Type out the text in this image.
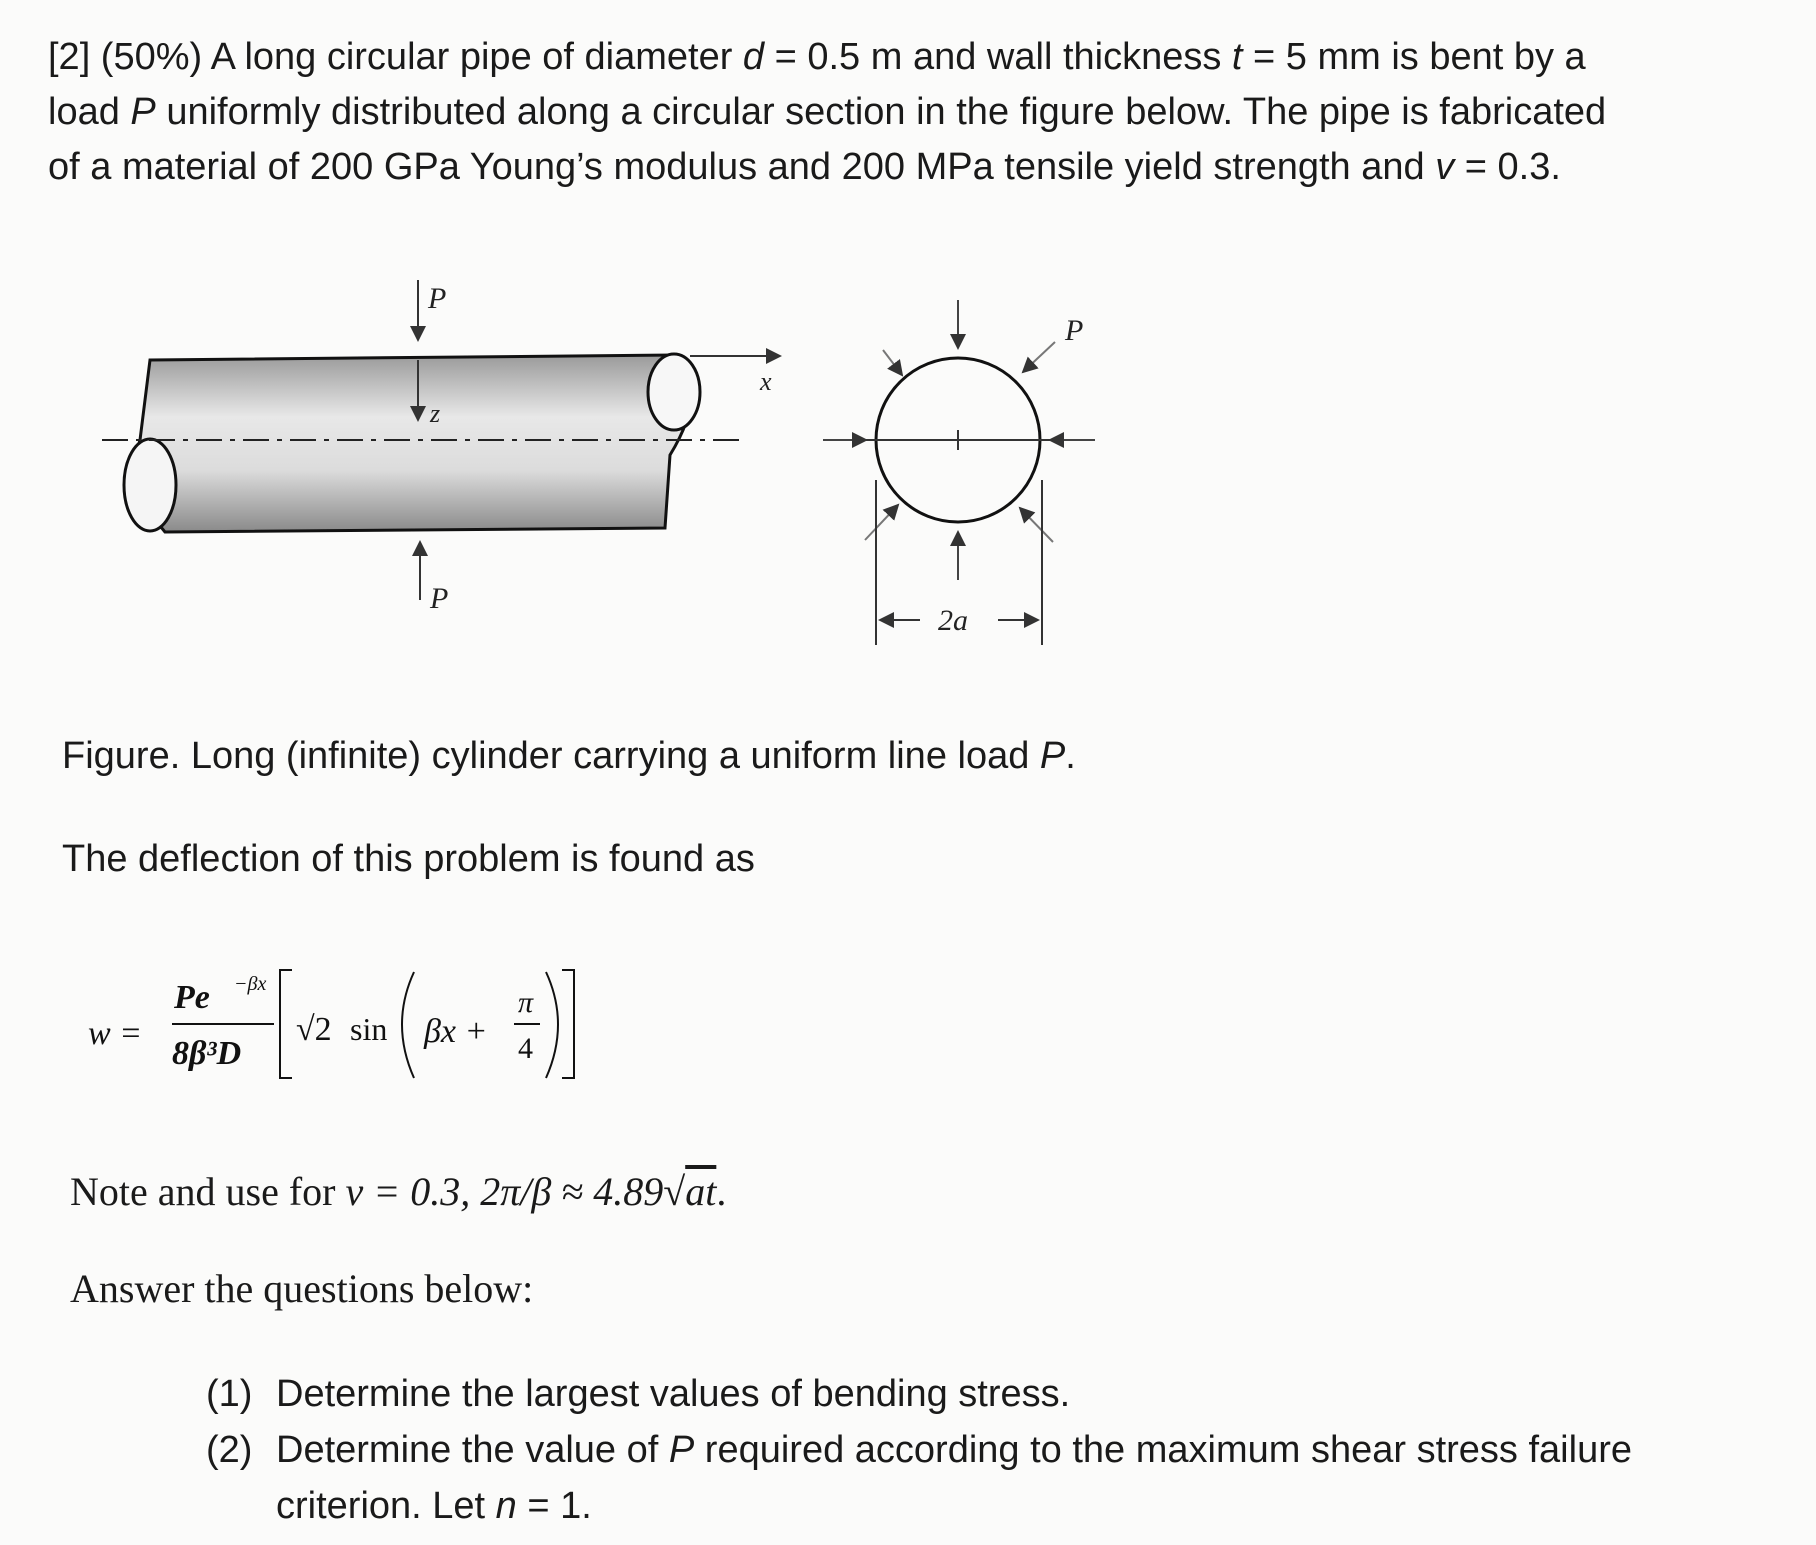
[2] (50%) A long circular pipe of diameter d = 0.5 m and wall thickness t = 5 mm is bent by a
load P uniformly distributed along a circular section in the figure below. The pipe is fabricated
of a material of 200 GPa Young’s modulus and 200 MPa tensile yield strength and v = 0.3.
P
z
P
x
P
2a
Figure. Long (infinite) cylinder carrying a uniform line load P.
The deflection of this problem is found as
w =
Pe −βx
8β³D
√2 sin βx +
π
4
Note and use for ν = 0.3, 2π/β ≈ 4.89√at.
Answer the questions below:
(1) Determine the largest values of bending stress.
(2) Determine the value of P required according to the maximum shear stress failure
criterion. Let n = 1.
